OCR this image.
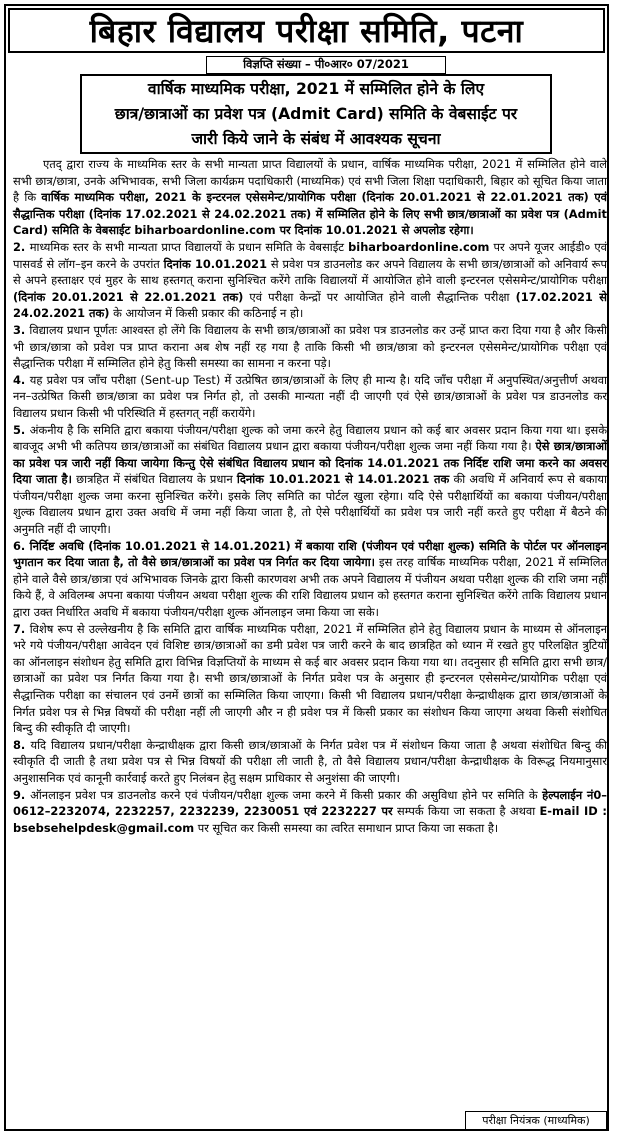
बिहार विद्यालय परीक्षा समिति, पटना
विज्ञप्ति संख्या – पी०आर० 07/2021
वार्षिक माध्यमिक परीक्षा, 2021 में सम्मिलित होने के लिए
छात्र/छात्राओं का प्रवेश पत्र (Admit Card) समिति के वेबसाईट पर
जारी किये जाने के संबंध में आवश्यक सूचना

एतद् द्वारा राज्य के माध्यमिक स्तर के सभी मान्यता प्राप्त विद्यालयों के प्रधान, वार्षिक माध्यमिक परीक्षा, 2021 में सम्मिलित होने वाले सभी छात्र/छात्रा, उनके अभिभावक, सभी जिला कार्यक्रम पदाधिकारी (माध्यमिक) एवं सभी जिला शिक्षा पदाधिकारी, बिहार को सूचित किया जाता है कि वार्षिक माध्यमिक परीक्षा, 2021 के इन्टरनल एसेसमेन्ट/प्रायोगिक परीक्षा (दिनांक 20.01.2021 से 22.01.2021 तक) एवं सैद्धान्तिक परीक्षा (दिनांक 17.02.2021 से 24.02.2021 तक) में सम्मिलित होने के लिए सभी छात्र/छात्राओं का प्रवेश पत्र (Admit Card) समिति के वेबसाईट biharboardonline.com पर दिनांक 10.01.2021 से अपलोड रहेगा।

2. माध्यमिक स्तर के सभी मान्यता प्राप्त विद्यालयों के प्रधान समिति के वेबसाईट biharboardonline.com पर अपने यूजर आईडी० एवं पासवर्ड से लॉग–इन करने के उपरांत दिनांक 10.01.2021 से प्रवेश पत्र डाउनलोड कर अपने विद्यालय के सभी छात्र/छात्राओं को अनिवार्य रूप से अपने हस्ताक्षर एवं मुहर के साथ हस्तगत् कराना सुनिश्चित करेंगे ताकि विद्यालयों में आयोजित होने वाली इन्टरनल एसेसमेन्ट/प्रायोगिक परीक्षा (दिनांक 20.01.2021 से 22.01.2021 तक) एवं परीक्षा केन्द्रों पर आयोजित होने वाली सैद्धान्तिक परीक्षा (17.02.2021 से 24.02.2021 तक) के आयोजन में किसी प्रकार की कठिनाई न हो।

3. विद्यालय प्रधान पूर्णतः आश्वस्त हो लेंगे कि विद्यालय के सभी छात्र/छात्राओं का प्रवेश पत्र डाउनलोड कर उन्हें प्राप्त करा दिया गया है और किसी भी छात्र/छात्रा को प्रवेश पत्र प्राप्त कराना अब शेष नहीं रह गया है ताकि किसी भी छात्र/छात्रा को इन्टरनल एसेसमेन्ट/प्रायोगिक परीक्षा एवं सैद्धान्तिक परीक्षा में सम्मिलित होने हेतु किसी समस्या का सामना न करना पड़े।

4. यह प्रवेश पत्र जाँच परीक्षा (Sent-up Test) में उत्प्रेषित छात्र/छात्राओं के लिए ही मान्य है। यदि जाँच परीक्षा में अनुपस्थित/अनुत्तीर्ण अथवा नन–उत्प्रेषित किसी छात्र/छात्रा का प्रवेश पत्र निर्गत हो, तो उसकी मान्यता नहीं दी जाएगी एवं ऐसे छात्र/छात्राओं के प्रवेश पत्र डाउनलोड कर विद्यालय प्रधान किसी भी परिस्थिति में हस्तगत् नहीं करायेंगे।

5. अंकनीय है कि समिति द्वारा बकाया पंजीयन/परीक्षा शुल्क को जमा करने हेतु विद्यालय प्रधान को कई बार अवसर प्रदान किया गया था। इसके बावजूद अभी भी कतिपय छात्र/छात्राओं का संबंधित विद्यालय प्रधान द्वारा बकाया पंजीयन/परीक्षा शुल्क जमा नहीं किया गया है। ऐसे छात्र/छात्राओं का प्रवेश पत्र जारी नहीं किया जायेगा किन्तु ऐसे संबंधित विद्यालय प्रधान को दिनांक 14.01.2021 तक निर्दिष्ट राशि जमा करने का अवसर दिया जाता है। छात्रहित में संबंधित विद्यालय के प्रधान दिनांक 10.01.2021 से 14.01.2021 तक की अवधि में अनिवार्य रूप से बकाया पंजीयन/परीक्षा शुल्क जमा करना सुनिश्चित करेंगे। इसके लिए समिति का पोर्टल खुला रहेगा। यदि ऐसे परीक्षार्थियों का बकाया पंजीयन/परीक्षा शुल्क विद्यालय प्रधान द्वारा उक्त अवधि में जमा नहीं किया जाता है, तो ऐसे परीक्षार्थियों का प्रवेश पत्र जारी नहीं करते हुए परीक्षा में बैठने की अनुमति नहीं दी जाएगी।

6. निर्दिष्ट अवधि (दिनांक 10.01.2021 से 14.01.2021) में बकाया राशि (पंजीयन एवं परीक्षा शुल्क) समिति के पोर्टल पर ऑनलाइन भुगतान कर दिया जाता है, तो वैसे छात्र/छात्राओं का प्रवेश पत्र निर्गत कर दिया जायेगा। इस तरह वार्षिक माध्यमिक परीक्षा, 2021 में सम्मिलित होने वाले वैसे छात्र/छात्रा एवं अभिभावक जिनके द्वारा किसी कारणवश अभी तक अपने विद्यालय में पंजीयन अथवा परीक्षा शुल्क की राशि जमा नहीं किये हैं, वे अविलम्ब अपना बकाया पंजीयन अथवा परीक्षा शुल्क की राशि विद्यालय प्रधान को हस्तगत कराना सुनिश्चित करेंगे ताकि विद्यालय प्रधान द्वारा उक्त निर्धारित अवधि में बकाया पंजीयन/परीक्षा शुल्क ऑनलाइन जमा किया जा सके।

7. विशेष रूप से उल्लेखनीय है कि समिति द्वारा वार्षिक माध्यमिक परीक्षा, 2021 में सम्मिलित होने हेतु विद्यालय प्रधान के माध्यम से ऑनलाइन भरे गये पंजीयन/परीक्षा आवेदन एवं विशिष्ट छात्र/छात्राओं का डमी प्रवेश पत्र जारी करने के बाद छात्रहित को ध्यान में रखते हुए परिलक्षित त्रुटियों का ऑनलाइन संशोधन हेतु समिति द्वारा विभिन्न विज्ञप्तियों के माध्यम से कई बार अवसर प्रदान किया गया था। तदनुसार ही समिति द्वारा सभी छात्र/छात्राओं का प्रवेश पत्र निर्गत किया गया है। सभी छात्र/छात्राओं के निर्गत प्रवेश पत्र के अनुसार ही इन्टरनल एसेसमेन्ट/प्रायोगिक परीक्षा एवं सैद्धान्तिक परीक्षा का संचालन एवं उनमें छात्रों का सम्मिलित किया जाएगा। किसी भी विद्यालय प्रधान/परीक्षा केन्द्राधीक्षक द्वारा छात्र/छात्राओं के निर्गत प्रवेश पत्र से भिन्न विषयों की परीक्षा नहीं ली जाएगी और न ही प्रवेश पत्र में किसी प्रकार का संशोधन किया जाएगा अथवा किसी संशोधित बिन्दु की स्वीकृति दी जाएगी।

8. यदि विद्यालय प्रधान/परीक्षा केन्द्राधीक्षक द्वारा किसी छात्र/छात्राओं के निर्गत प्रवेश पत्र में संशोधन किया जाता है अथवा संशोधित बिन्दु की स्वीकृति दी जाती है तथा प्रवेश पत्र से भिन्न विषयों की परीक्षा ली जाती है, तो वैसे विद्यालय प्रधान/परीक्षा केन्द्राधीक्षक के विरूद्ध नियमानुसार अनुशासनिक एवं कानूनी कार्रवाई करते हुए निलंबन हेतु सक्षम प्राधिकार से अनुशंसा की जाएगी।

9. ऑनलाइन प्रवेश पत्र डाउनलोड करने एवं पंजीयन/परीक्षा शुल्क जमा करने में किसी प्रकार की असुविधा होने पर समिति के हेल्पलाईन नं0–0612–2232074, 2232257, 2232239, 2230051 एवं 2232227 पर सम्पर्क किया जा सकता है अथवा E-mail ID : bsebsehelpdesk@gmail.com पर सूचित कर किसी समस्या का त्वरित समाधान प्राप्त किया जा सकता है।

परीक्षा नियंत्रक (माध्यमिक)
